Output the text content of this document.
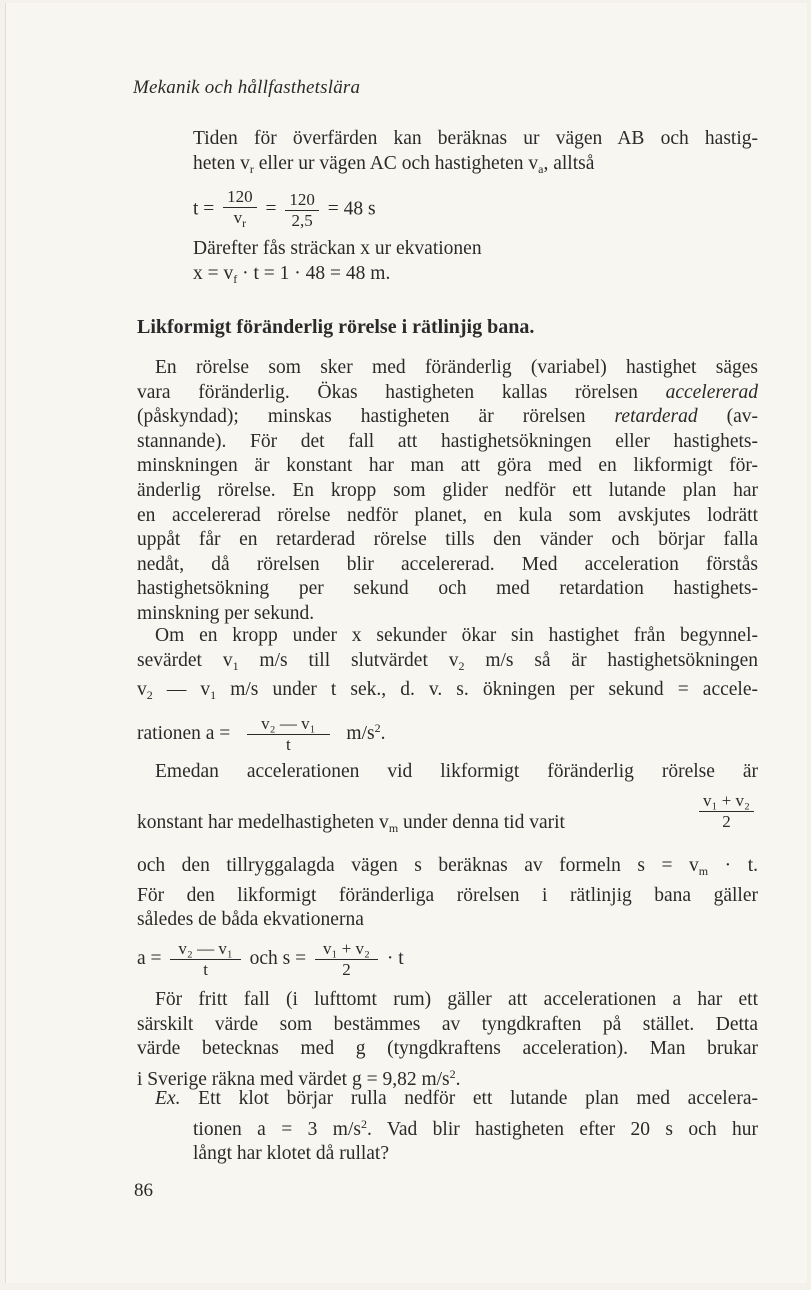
Mekanik och hållfasthetslära
Tiden för överfärden kan beräknas ur vägen AB och hastig-
heten $v_r$ eller ur vägen AC och hastigheten $v_a$, alltså
$t = \frac{120}{v_r} = \frac{120}{2,5} = 48$ s
Därefter fås sträckan x ur ekvationen
$x = v_f \cdot t = 1 \cdot 48 = 48$ m.
Likformigt föränderlig rörelse i rätlinjig bana.
En rörelse som sker med föränderlig (variabel) hastighet säges
vara föränderlig. Ökas hastigheten kallas rörelsen accelererad
(påskyndad); minskas hastigheten är rörelsen retarderad (av-
stannande). För det fall att hastighetsökningen eller hastighets-
minskningen är konstant har man att göra med en likformigt för-
änderlig rörelse. En kropp som glider nedför ett lutande plan har
en accelererad rörelse nedför planet, en kula som avskjutes lodrätt
uppåt får en retarderad rörelse tills den vänder och börjar falla
nedåt, då rörelsen blir accelererad. Med acceleration förstås
hastighetsökning per sekund och med retardation hastighets-
minskning per sekund.
Om en kropp under x sekunder ökar sin hastighet från begynnel-
sevärdet $v_1$ m/s till slutvärdet $v_2$ m/s så är hastighetsökningen
$v_2$ — $v_1$ m/s under t sek., d. v. s. ökningen per sekund = accele-
rationen $a = \frac{\text{v₂ — v₁}}{t} m/s^2$.
Emedan accelerationen vid likformigt föränderlig rörelse är
konstant har medelhastigheten $v_m$ under denna tid varit	$\frac{\text{v₁ + v₂}}{2}$
och den tillryggalagda vägen s beräknas av formeln $s = v_m \cdot t$.
För den likformigt föränderliga rörelsen i rätlinjig bana gäller
således de båda ekvationerna
$a = \frac{\text{v₂ — v₁}}{t}$ och $s = \frac{\text{v₁ + v₂}}{2} \cdot t$
För fritt fall (i lufttomt rum) gäller att accelerationen a har ett
särskilt värde som bestämmes av tyngdkraften på stället. Detta
värde betecknas med g (tyngdkraftens acceleration). Man brukar
i Sverige räkna med värdet g = 9,82 $m/s^2$.
Ex. Ett klot börjar rulla nedför ett lutande plan med accelera-
tionen a = 3 $m/s^2$. Vad blir hastigheten efter 20 s och hur
långt har klotet då rullat?
86
